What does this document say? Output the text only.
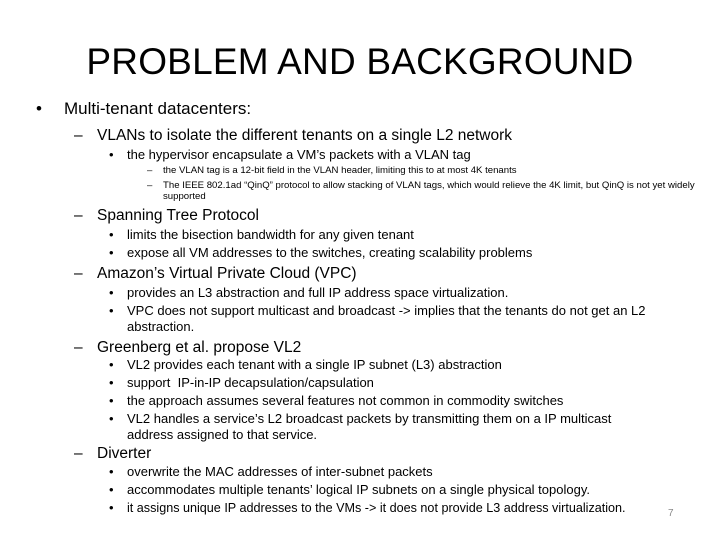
PROBLEM AND BACKGROUND
• Multi-tenant datacenters:
– VLANs to isolate the different tenants on a single L2 network
• the hypervisor encapsulate a VM’s packets with a VLAN tag
– the VLAN tag is a 12-bit field in the VLAN header, limiting this to at most 4K tenants
– The IEEE 802.1ad “QinQ” protocol to allow stacking of VLAN tags, which would relieve the 4K limit, but QinQ is not yet widely supported
– Spanning Tree Protocol
• limits the bisection bandwidth for any given tenant
• expose all VM addresses to the switches, creating scalability problems
– Amazon’s Virtual Private Cloud (VPC)
• provides an L3 abstraction and full IP address space virtualization.
• VPC does not support multicast and broadcast -> implies that the tenants do not get an L2 abstraction.
– Greenberg et al. propose VL2
• VL2 provides each tenant with a single IP subnet (L3) abstraction
• support  IP-in-IP decapsulation/capsulation
• the approach assumes several features not common in commodity switches
• VL2 handles a service’s L2 broadcast packets by transmitting them on a IP multicast address assigned to that service.
– Diverter
• overwrite the MAC addresses of inter-subnet packets
• accommodates multiple tenants’ logical IP subnets on a single physical topology.
• it assigns unique IP addresses to the VMs -> it does not provide L3 address virtualization.	7
